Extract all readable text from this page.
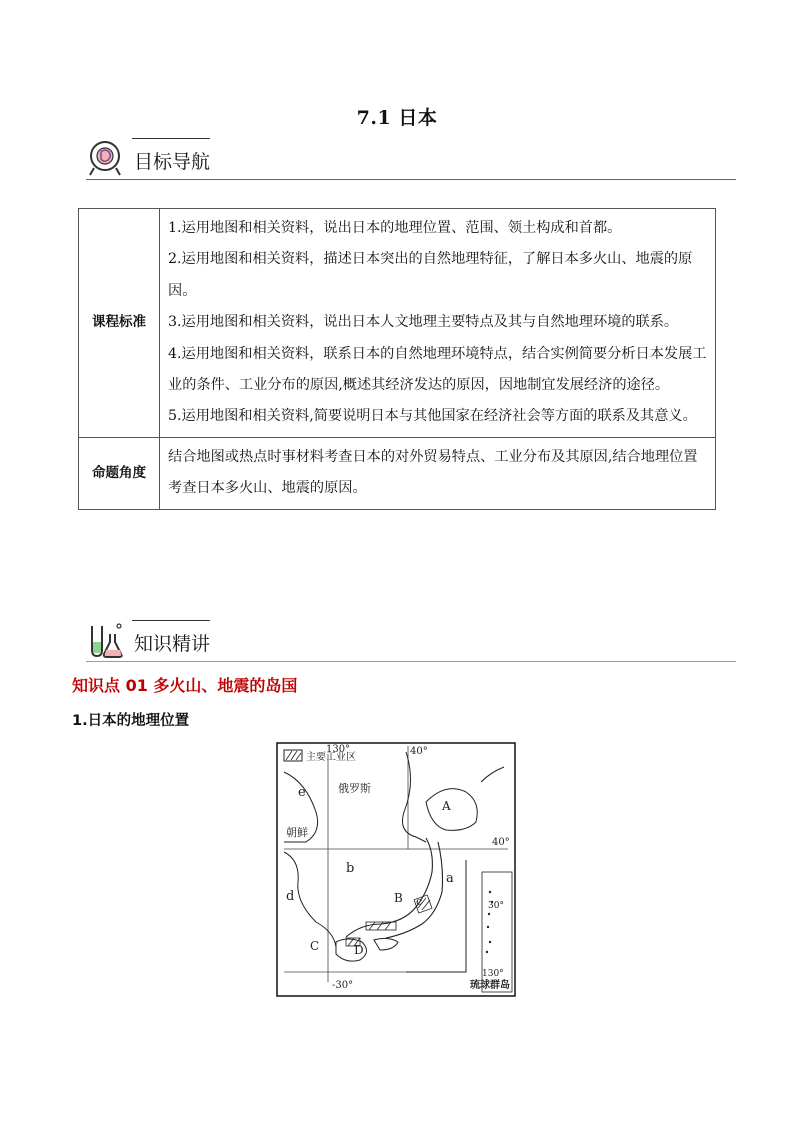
7.1 日本
目标导航
课程标准	1.运用地图和相关资料，说出日本的地理位置、范围、领土构成和首都。

2.运用地图和相关资料，描述日本突出的自然地理特征，了解日本多火山、地震的原因。

3.运用地图和相关资料，说出日本人文地理主要特点及其与自然地理环境的联系。

4.运用地图和相关资料，联系日本的自然地理环境特点，结合实例简要分析日本发展工业的条件、工业分布的原因,概述其经济发达的原因，因地制宜发展经济的途径。

5.运用地图和相关资料,简要说明日本与其他国家在经济社会等方面的联系及其意义。

命题角度	结合地图或热点时事材料考查日本的对外贸易特点、工业分布及其原因,结合地理位置考查日本多火山、地震的原因。

知识精讲
知识点 01 多火山、地震的岛国
1.日本的地理位置
主要工业区
130°	40°
40°
30°
130°
-30°
俄罗斯
朝鲜
琉球群岛
e
b
a
d
A
B
C	D
c
